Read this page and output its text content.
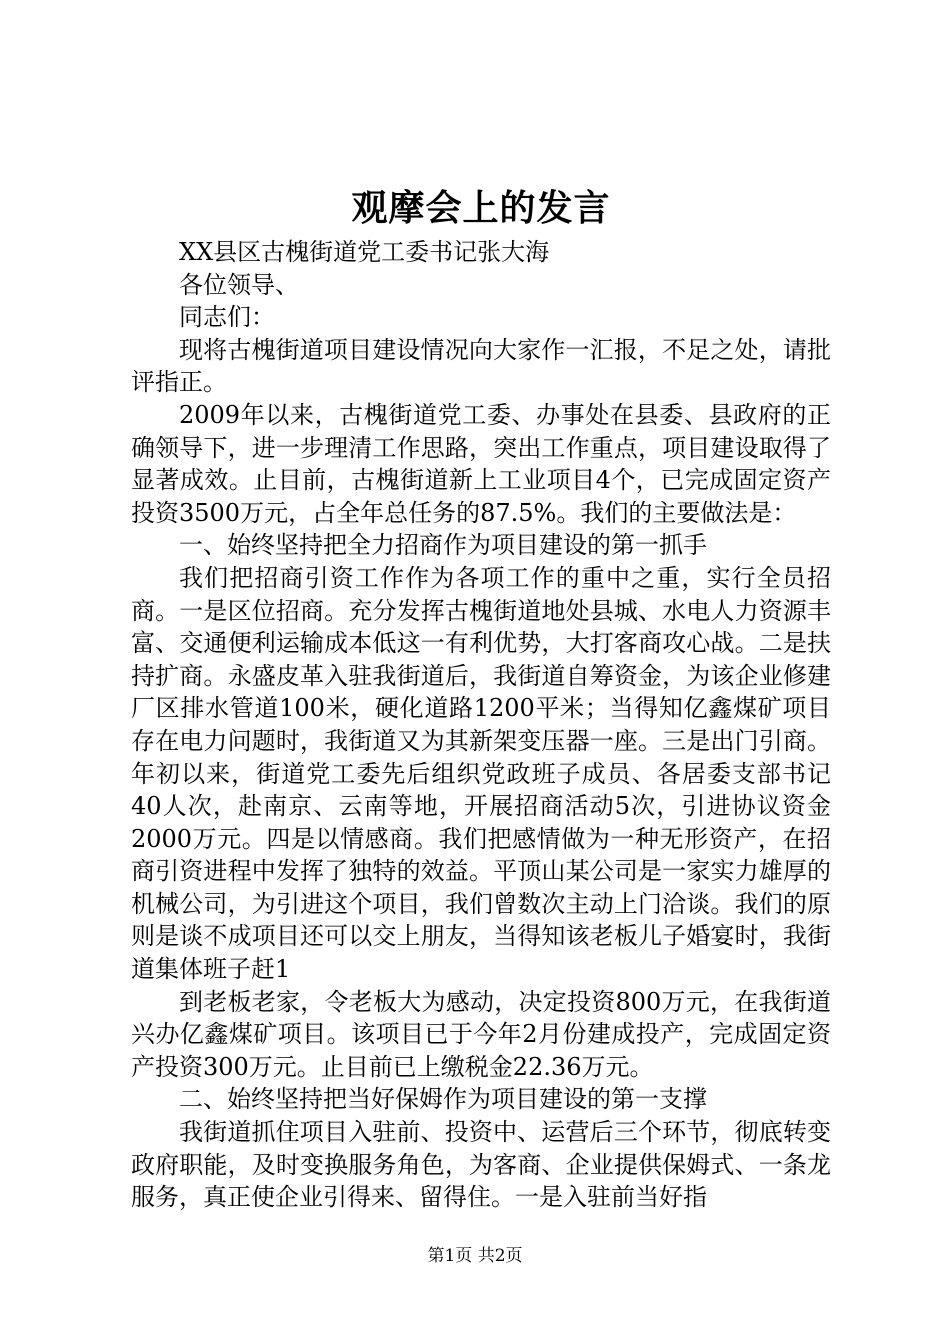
观摩会上的发言

XX县区古槐街道党工委书记张大海

各位领导、

同志们：

现将古槐街道项目建设情况向大家作一汇报，不足之处，请批评指正。

2009年以来，古槐街道党工委、办事处在县委、县政府的正确领导下，进一步理清工作思路，突出工作重点，项目建设取得了显著成效。止目前，古槐街道新上工业项目4个，已完成固定资产投资3500万元，占全年总任务的87.5%。我们的主要做法是：

一、始终坚持把全力招商作为项目建设的第一抓手

我们把招商引资工作作为各项工作的重中之重，实行全员招商。一是区位招商。充分发挥古槐街道地处县城、水电人力资源丰富、交通便利运输成本低这一有利优势，大打客商攻心战。二是扶持扩商。永盛皮革入驻我街道后，我街道自筹资金，为该企业修建厂区排水管道100米，硬化道路1200平米；当得知亿鑫煤矿项目存在电力问题时，我街道又为其新架变压器一座。三是出门引商。年初以来，街道党工委先后组织党政班子成员、各居委支部书记40人次，赴南京、云南等地，开展招商活动5次，引进协议资金2000万元。四是以情感商。我们把感情做为一种无形资产，在招商引资进程中发挥了独特的效益。平顶山某公司是一家实力雄厚的机械公司，为引进这个项目，我们曾数次主动上门洽谈。我们的原则是谈不成项目还可以交上朋友，当得知该老板儿子婚宴时，我街道集体班子赶1

到老板老家，令老板大为感动，决定投资800万元，在我街道兴办亿鑫煤矿项目。该项目已于今年2月份建成投产，完成固定资产投资300万元。止目前已上缴税金22.36万元。

二、始终坚持把当好保姆作为项目建设的第一支撑

我街道抓住项目入驻前、投资中、运营后三个环节，彻底转变政府职能，及时变换服务角色，为客商、企业提供保姆式、一条龙服务，真正使企业引得来、留得住。一是入驻前当好指

第1页 共2页
